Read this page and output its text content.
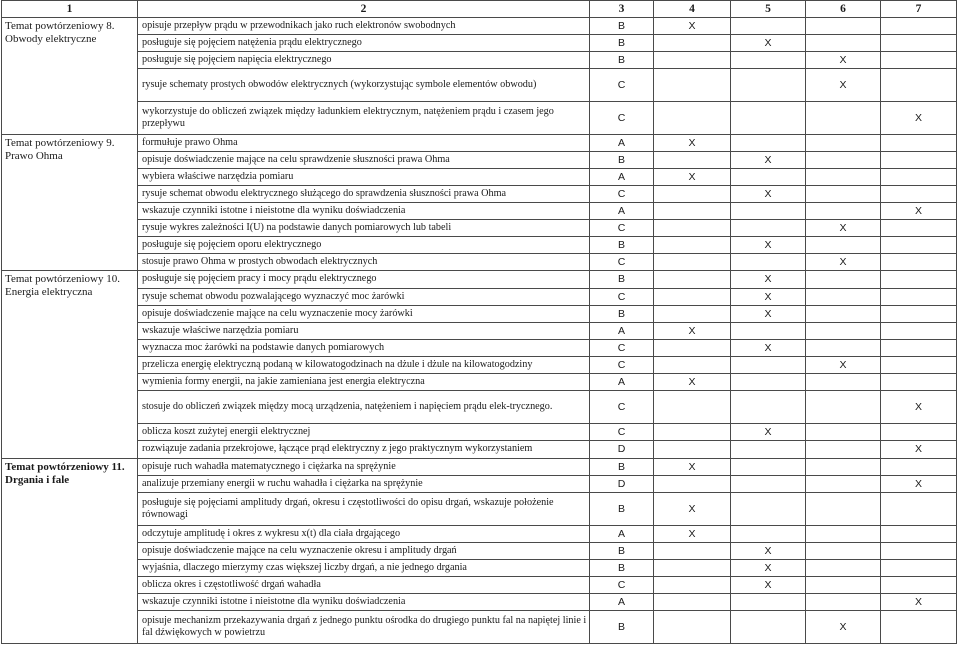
1	2	3	4	5	6	7
Temat powtórzeniowy 8. Obwody elektryczne	opisuje przepływ prądu w przewodnikach jako ruch elektronów swobodnych	B	X			
	posługuje się pojęciem natężenia prądu elektrycznego	B		X		
	posługuje się pojęciem napięcia elektrycznego	B			X	
	rysuje schematy prostych obwodów elektrycznych (wykorzystując symbole elementów obwodu)	C			X	
	wykorzystuje do obliczeń związek między ładunkiem elektrycznym, natężeniem prądu i czasem jego przepływu	C				X
Temat powtórzeniowy 9. Prawo Ohma	formułuje prawo Ohma	A	X			
	opisuje doświadczenie mające na celu sprawdzenie słuszności prawa Ohma	B		X		
	wybiera właściwe narzędzia pomiaru	A	X			
	rysuje schemat obwodu elektrycznego służącego do sprawdzenia słuszności prawa Ohma	C		X		
	wskazuje czynniki istotne i nieistotne dla wyniku doświadczenia	A				X
	rysuje wykres zależności I(U) na podstawie danych pomiarowych lub tabeli	C			X	
	posługuje się pojęciem oporu elektrycznego	B		X		
	stosuje prawo Ohma w prostych obwodach elektrycznych	C			X	
Temat powtórzeniowy 10. Energia elektryczna	posługuje się pojęciem pracy i mocy prądu elektrycznego	B		X		
	rysuje schemat obwodu pozwalającego wyznaczyć moc żarówki	C		X		
	opisuje doświadczenie mające na celu wyznaczenie mocy żarówki	B		X		
	wskazuje właściwe narzędzia pomiaru	A	X			
	wyznacza moc żarówki na podstawie danych pomiarowych	C		X		
	przelicza energię elektryczną podaną w kilowatogodzinach na dżule i dżule na kilowatogodziny	C			X	
	wymienia formy energii, na jakie zamieniana jest energia elektryczna	A	X			
	stosuje do obliczeń związek między mocą urządzenia, natężeniem i napięciem prądu elek-trycznego.	C				X
	oblicza koszt zużytej energii elektrycznej	C		X		
	rozwiązuje zadania przekrojowe, łączące prąd elektryczny z jego praktycznym wykorzystaniem	D				X
Temat powtórzeniowy 11. Drgania i fale	opisuje ruch wahadła matematycznego i ciężarka na sprężynie	B	X			
	analizuje przemiany energii w ruchu wahadła i ciężarka na sprężynie	D				X
	posługuje się pojęciami amplitudy drgań, okresu i częstotliwości do opisu drgań, wskazuje położenie równowagi	B	X			
	odczytuje amplitudę i okres z wykresu x(t) dla ciała drgającego	A	X			
	opisuje doświadczenie mające na celu wyznaczenie okresu i amplitudy drgań	B		X		
	wyjaśnia, dlaczego mierzymy czas większej liczby drgań, a nie jednego drgania	B		X		
	oblicza okres i częstotliwość drgań wahadła	C		X		
	wskazuje czynniki istotne i nieistotne dla wyniku doświadczenia	A				X
	opisuje mechanizm przekazywania drgań z jednego punktu ośrodka do drugiego punktu fal na napiętej linie i fal dźwiękowych w powietrzu	B			X	
